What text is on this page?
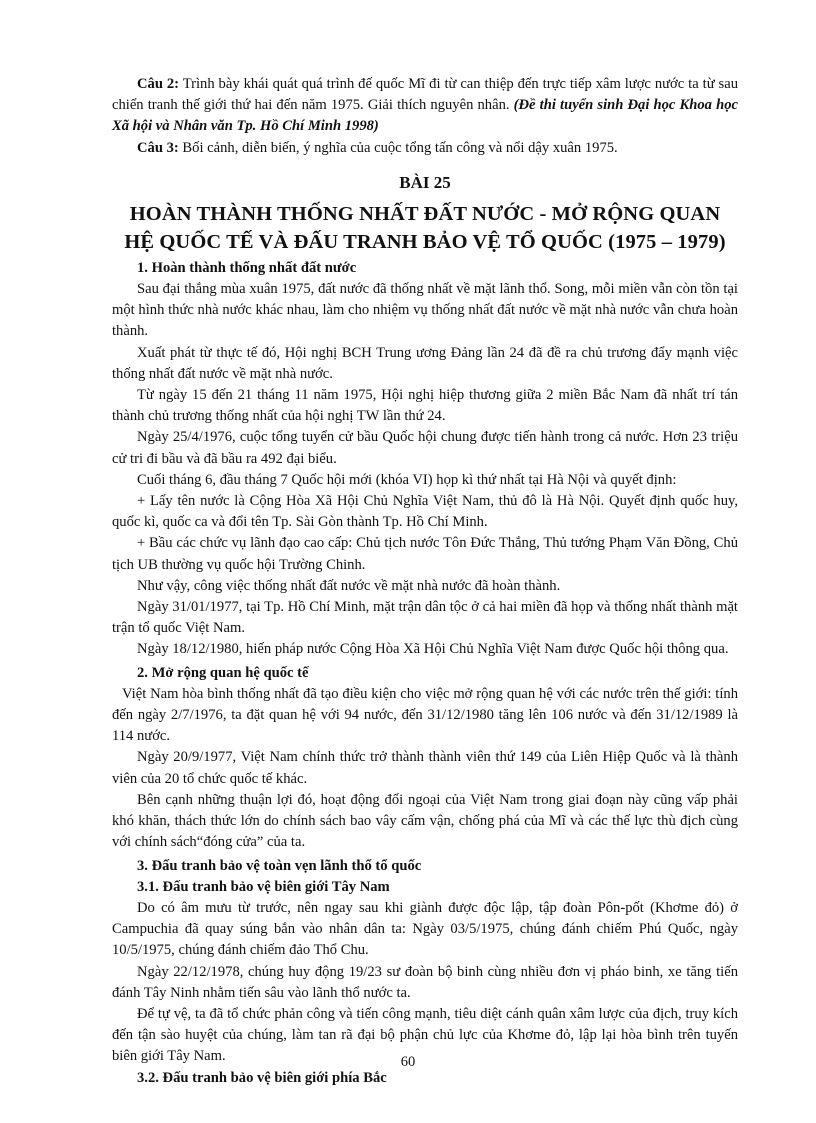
Câu 2: Trình bày khái quát quá trình đế quốc Mĩ đi từ can thiệp đến trực tiếp xâm lược nước ta từ sau chiến tranh thế giới thứ hai đến năm 1975. Giải thích nguyên nhân. (Đề thi tuyển sinh Đại học Khoa học Xã hội và Nhân văn Tp. Hồ Chí Minh 1998)

Câu 3: Bối cảnh, diễn biến, ý nghĩa của cuộc tổng tấn công và nổi dậy xuân 1975.

BÀI 25
HOÀN THÀNH THỐNG NHẤT ĐẤT NƯỚC - MỞ RỘNG QUAN
HỆ QUỐC TẾ VÀ ĐẤU TRANH BẢO VỆ TỔ QUỐC (1975 – 1979)

1. Hoàn thành thống nhất đất nước

Sau đại thắng mùa xuân 1975, đất nước đã thống nhất về mặt lãnh thổ. Song, mỗi miền vẫn còn tồn tại một hình thức nhà nước khác nhau, làm cho nhiệm vụ thống nhất đất nước về mặt nhà nước vẫn chưa hoàn thành.

Xuất phát từ thực tế đó, Hội nghị BCH Trung ương Đảng lần 24 đã đề ra chủ trương đẩy mạnh việc thống nhất đất nước về mặt nhà nước.

Từ ngày 15 đến 21 tháng 11 năm 1975, Hội nghị hiệp thương giữa 2 miền Bắc Nam đã nhất trí tán thành chủ trương thống nhất của hội nghị TW lần thứ 24.

Ngày 25/4/1976, cuộc tổng tuyển cử bầu Quốc hội chung được tiến hành trong cả nước. Hơn 23 triệu cử tri đi bầu và đã bầu ra 492 đại biểu.

Cuối tháng 6, đầu tháng 7 Quốc hội mới (khóa VI) họp kì thứ nhất tại Hà Nội và quyết định:

+ Lấy tên nước là Cộng Hòa Xã Hội Chủ Nghĩa Việt Nam, thủ đô là Hà Nội. Quyết định quốc huy, quốc kì, quốc ca và đổi tên Tp. Sài Gòn thành Tp. Hồ Chí Minh.

+ Bầu các chức vụ lãnh đạo cao cấp: Chủ tịch nước Tôn Đức Thắng, Thủ tướng Phạm Văn Đồng, Chủ tịch UB thường vụ quốc hội Trường Chinh.

Như vậy, công việc thống nhất đất nước về mặt nhà nước đã hoàn thành.

Ngày 31/01/1977, tại Tp. Hồ Chí Minh, mặt trận dân tộc ở cả hai miền đã họp và thống nhất thành mặt trận tổ quốc Việt Nam.

Ngày 18/12/1980, hiến pháp nước Cộng Hòa Xã Hội Chủ Nghĩa Việt Nam được Quốc hội thông qua.

2. Mở rộng quan hệ quốc tế

Việt Nam hòa bình thống nhất đã tạo điều kiện cho việc mở rộng quan hệ với các nước trên thế giới: tính đến ngày 2/7/1976, ta đặt quan hệ với 94 nước, đến 31/12/1980 tăng lên 106 nước và đến 31/12/1989 là 114 nước.

Ngày 20/9/1977, Việt Nam chính thức trở thành thành viên thứ 149 của Liên Hiệp Quốc và là thành viên của 20 tổ chức quốc tế khác.

Bên cạnh những thuận lợi đó, hoạt động đối ngoại của Việt Nam trong giai đoạn này cũng vấp phải khó khăn, thách thức lớn do chính sách bao vây cấm vận, chống phá của Mĩ và các thế lực thù địch cùng với chính sách“đóng cửa” của ta.

3. Đấu tranh bảo vệ toàn vẹn lãnh thổ tổ quốc

3.1. Đấu tranh bảo vệ biên giới Tây Nam

Do có âm mưu từ trước, nên ngay sau khi giành được độc lập, tập đoàn Pôn-pốt (Khơme đỏ) ở Campuchia đã quay súng bắn vào nhân dân ta: Ngày 03/5/1975, chúng đánh chiếm Phú Quốc, ngày 10/5/1975, chúng đánh chiếm đảo Thổ Chu.

Ngày 22/12/1978, chúng huy động 19/23 sư đoàn bộ binh cùng nhiều đơn vị pháo binh, xe tăng tiến đánh Tây Ninh nhằm tiến sâu vào lãnh thổ nước ta.

Để tự vệ, ta đã tổ chức phản công và tiến công mạnh, tiêu diệt cánh quân xâm lược của địch, truy kích đến tận sào huyệt của chúng, làm tan rã đại bộ phận chủ lực của Khơme đỏ, lập lại hòa bình trên tuyến biên giới Tây Nam.

3.2. Đấu tranh bảo vệ biên giới phía Bắc

60
